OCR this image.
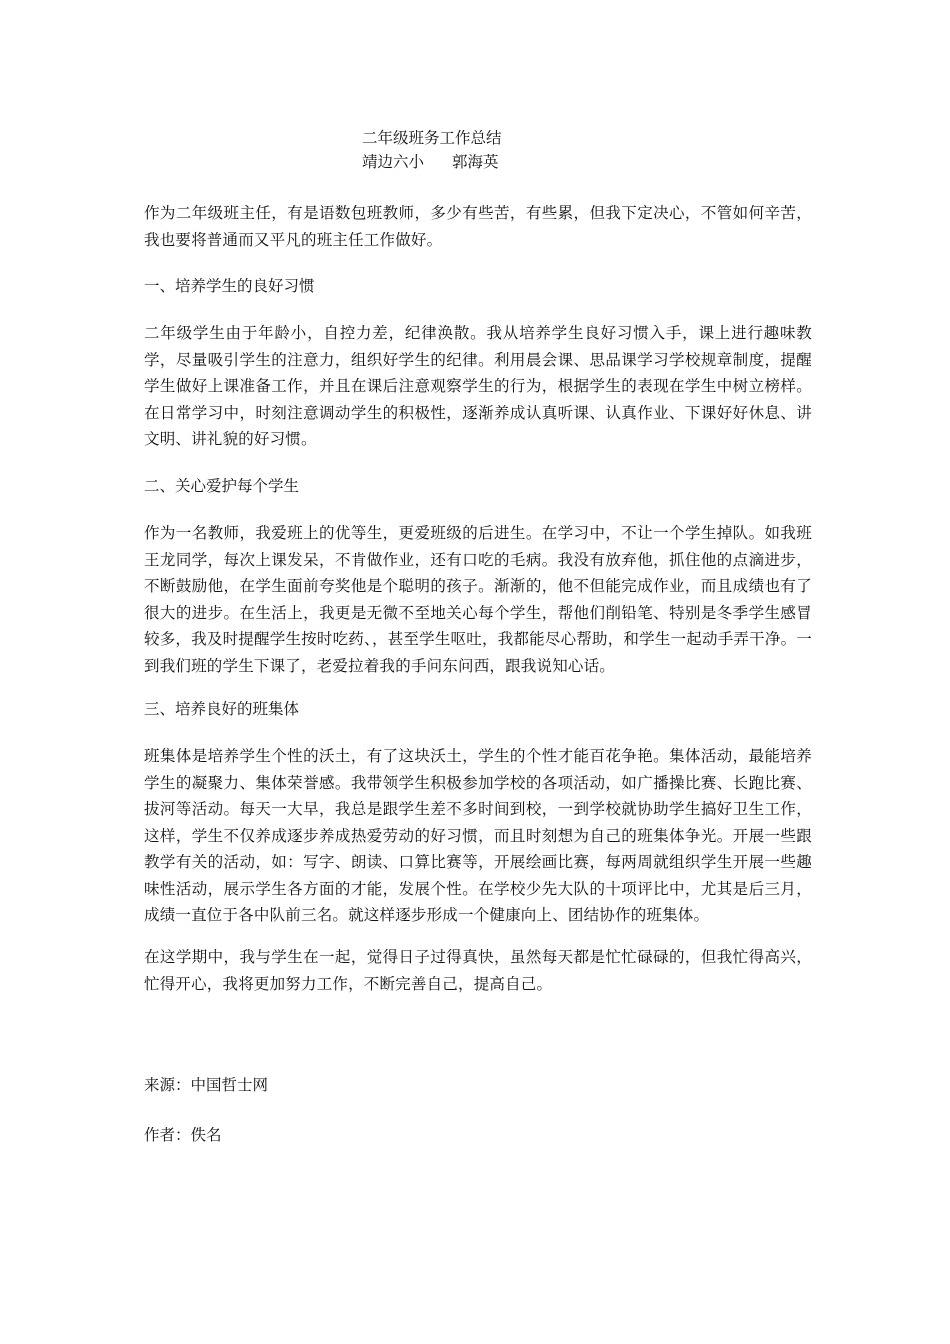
二年级班务工作总结
靖边六小 郭海英

作为二年级班主任，有是语数包班教师，多少有些苦，有些累，但我下定决心，不管如何辛苦，我也要将普通而又平凡的班主任工作做好。

一、培养学生的良好习惯

二年级学生由于年龄小，自控力差，纪律涣散。我从培养学生良好习惯入手，课上进行趣味教学，尽量吸引学生的注意力，组织好学生的纪律。利用晨会课、思品课学习学校规章制度，提醒学生做好上课准备工作，并且在课后注意观察学生的行为，根据学生的表现在学生中树立榜样。在日常学习中，时刻注意调动学生的积极性，逐渐养成认真听课、认真作业、下课好好休息、讲文明、讲礼貌的好习惯。

二、关心爱护每个学生

作为一名教师，我爱班上的优等生，更爱班级的后进生。在学习中，不让一个学生掉队。如我班王龙同学，每次上课发呆，不肯做作业，还有口吃的毛病。我没有放弃他，抓住他的点滴进步，不断鼓励他，在学生面前夸奖他是个聪明的孩子。渐渐的，他不但能完成作业，而且成绩也有了很大的进步。在生活上，我更是无微不至地关心每个学生，帮他们削铅笔、特别是冬季学生感冒较多，我及时提醒学生按时吃药、，甚至学生呕吐，我都能尽心帮助，和学生一起动手弄干净。一到我们班的学生下课了，老爱拉着我的手问东问西，跟我说知心话。

三、培养良好的班集体

班集体是培养学生个性的沃土，有了这块沃土，学生的个性才能百花争艳。集体活动，最能培养学生的凝聚力、集体荣誉感。我带领学生积极参加学校的各项活动，如广播操比赛、长跑比赛、拔河等活动。每天一大早，我总是跟学生差不多时间到校，一到学校就协助学生搞好卫生工作，这样，学生不仅养成逐步养成热爱劳动的好习惯，而且时刻想为自己的班集体争光。开展一些跟教学有关的活动，如：写字、朗读、口算比赛等，开展绘画比赛，每两周就组织学生开展一些趣味性活动，展示学生各方面的才能，发展个性。在学校少先大队的十项评比中，尤其是后三月，成绩一直位于各中队前三名。就这样逐步形成一个健康向上、团结协作的班集体。

在这学期中，我与学生在一起，觉得日子过得真快，虽然每天都是忙忙碌碌的，但我忙得高兴，忙得开心，我将更加努力工作，不断完善自己，提高自己。

来源：中国哲士网
作者：佚名
